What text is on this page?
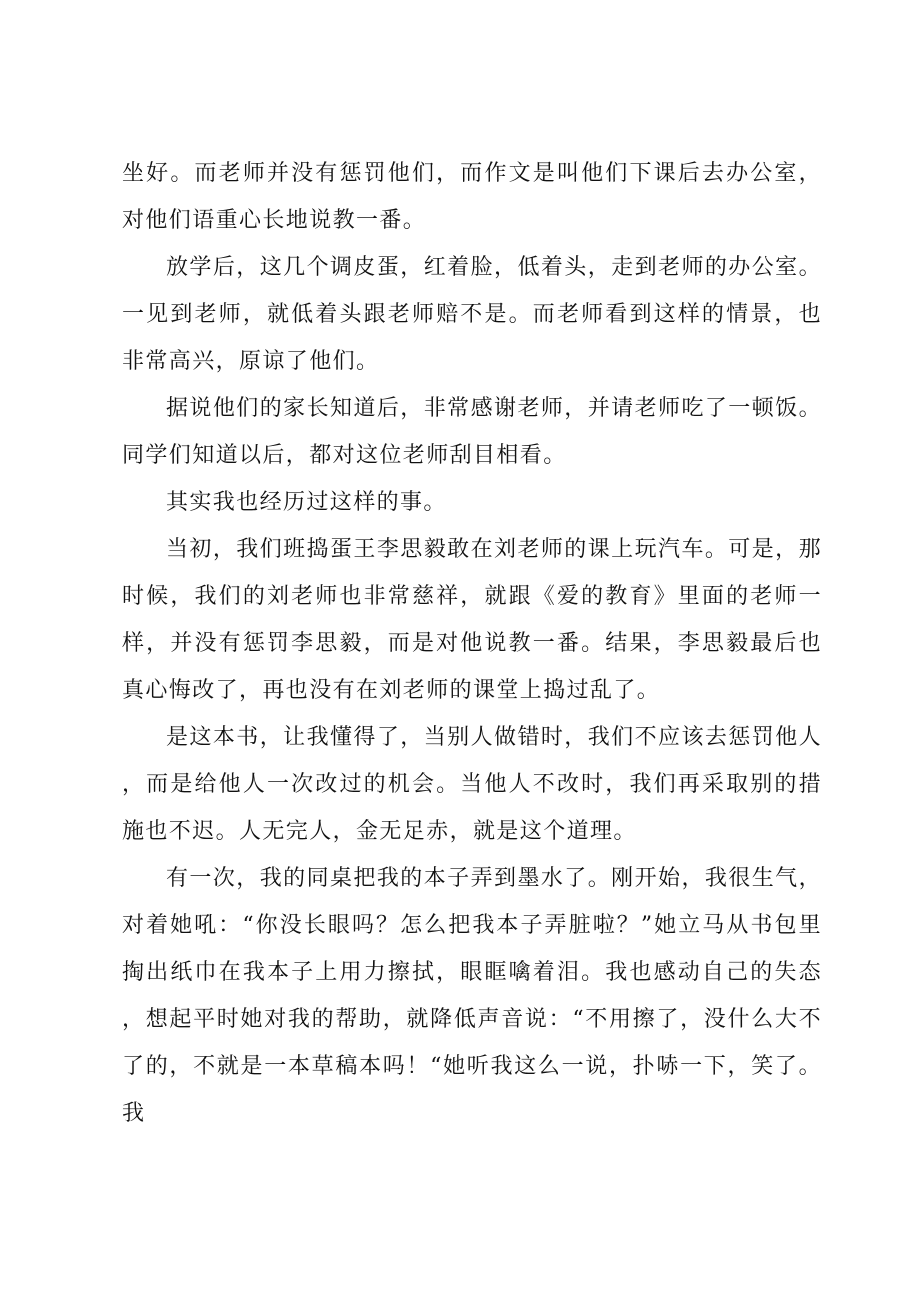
坐好。而老师并没有惩罚他们，而作文是叫他们下课后去办公室，对他们语重心长地说教一番。

放学后，这几个调皮蛋，红着脸，低着头，走到老师的办公室。一见到老师，就低着头跟老师赔不是。而老师看到这样的情景，也非常高兴，原谅了他们。

据说他们的家长知道后，非常感谢老师，并请老师吃了一顿饭。同学们知道以后，都对这位老师刮目相看。

其实我也经历过这样的事。

当初，我们班捣蛋王李思毅敢在刘老师的课上玩汽车。可是，那时候，我们的刘老师也非常慈祥，就跟《爱的教育》里面的老师一样，并没有惩罚李思毅，而是对他说教一番。结果，李思毅最后也真心悔改了，再也没有在刘老师的课堂上捣过乱了。

是这本书，让我懂得了，当别人做错时，我们不应该去惩罚他人，而是给他人一次改过的机会。当他人不改时，我们再采取别的措施也不迟。人无完人，金无足赤，就是这个道理。

有一次，我的同桌把我的本子弄到墨水了。刚开始，我很生气，对着她吼：“你没长眼吗？怎么把我本子弄脏啦？”她立马从书包里掏出纸巾在我本子上用力擦拭，眼眶噙着泪。我也感动自己的失态，想起平时她对我的帮助，就降低声音说：“不用擦了，没什么大不了的，不就是一本草稿本吗！“她听我这么一说，扑哧一下，笑了。我
